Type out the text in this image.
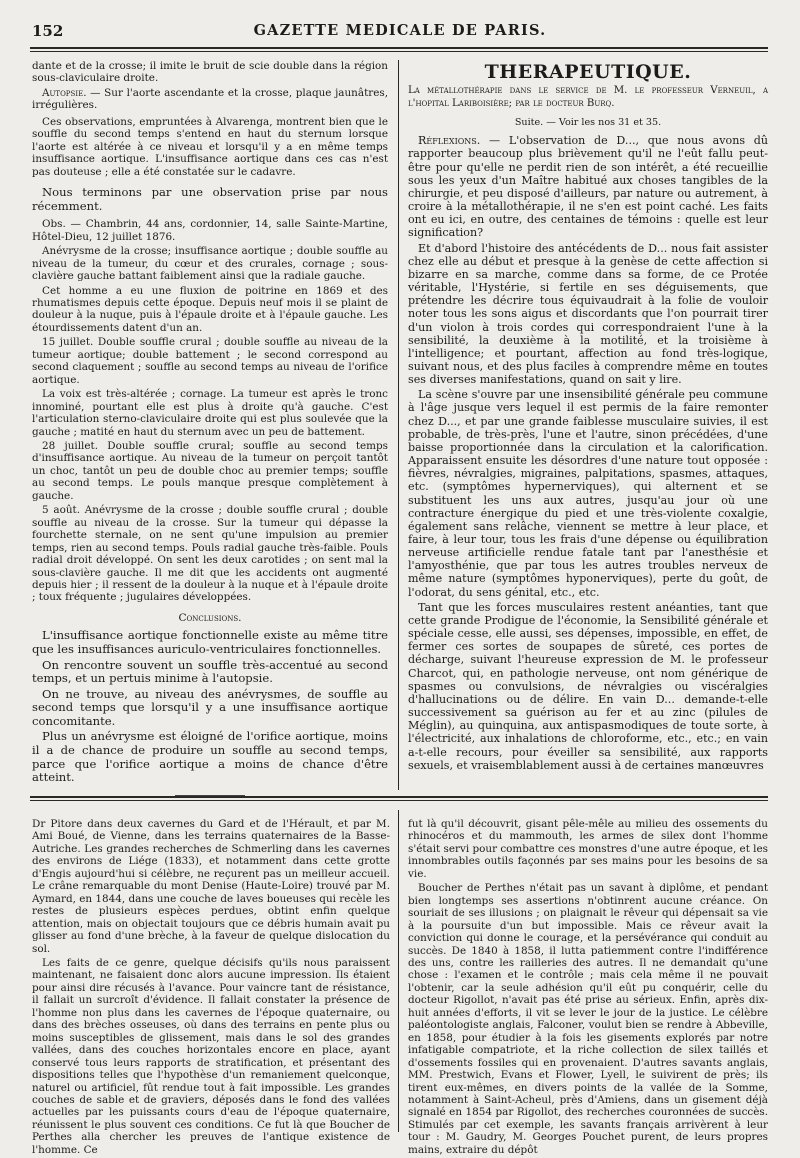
152	GAZETTE MEDICALE DE PARIS.

dante et de la crosse; il imite le bruit de scie double dans la région sous-claviculaire droite.

Autopsie. — Sur l'aorte ascendante et la crosse, plaque jaunâtres, irrégulières.

Ces observations, empruntées à Alvarenga, montrent bien que le souffle du second temps s'entend en haut du sternum lorsque l'aorte est altérée à ce niveau et lorsqu'il y a en même temps insuffisance aortique. L'insuffisance aortique dans ces cas n'est pas douteuse ; elle a été constatée sur le cadavre.

Nous terminons par une observation prise par nous récemment.

Obs. — Chambrin, 44 ans, cordonnier, 14, salle Sainte-Martine, Hôtel-Dieu, 12 juillet 1876.

Anévrysme de la crosse; insuffisance aortique ; double souffle au niveau de la tumeur, du cœur et des crurales, cornage ; sous-clavière gauche battant faiblement ainsi que la radiale gauche.

Cet homme a eu une fluxion de poitrine en 1869 et des rhumatismes depuis cette époque. Depuis neuf mois il se plaint de douleur à la nuque, puis à l'épaule droite et à l'épaule gauche. Les étourdissements datent d'un an.

15 juillet. Double souffle crural ; double souffle au niveau de la tumeur aortique; double battement ; le second correspond au second claquement ; souffle au second temps au niveau de l'orifice aortique.

La voix est très-altérée ; cornage. La tumeur est après le tronc innominé, pourtant elle est plus à droite qu'à gauche. C'est l'articulation sterno-claviculaire droite qui est plus soulevée que la gauche ; matité en haut du sternum avec un peu de battement.

28 juillet. Double souffle crural; souffle au second temps d'insuffisance aortique. Au niveau de la tumeur on perçoit tantôt un choc, tantôt un peu de double choc au premier temps; souffle au second temps. Le pouls manque presque complètement à gauche.

5 août. Anévrysme de la crosse ; double souffle crural ; double souffle au niveau de la crosse. Sur la tumeur qui dépasse la fourchette sternale, on ne sent qu'une impulsion au premier temps, rien au second temps. Pouls radial gauche très-faible. Pouls radial droit développé. On sent les deux carotides ; on sent mal la sous-clavière gauche. Il me dit que les accidents ont augmenté depuis hier ; il ressent de la douleur à la nuque et à l'épaule droite ; toux fréquente ; jugulaires développées.

Conclusions.

L'insuffisance aortique fonctionnelle existe au même titre que les insuffisances auriculo-ventriculaires fonctionnelles.

On rencontre souvent un souffle très-accentué au second temps, et un pertuis minime à l'autopsie.

On ne trouve, au niveau des anévrysmes, de souffle au second temps que lorsqu'il y a une insuffisance aortique concomitante.

Plus un anévrysme est éloigné de l'orifice aortique, moins il a de chance de produire un souffle au second temps, parce que l'orifice aortique a moins de chance d'être atteint.

THERAPEUTIQUE.
La métallothérapie dans le service de M. le professeur Verneuil, a l'hopital Lariboisière; par le docteur Burq.
Suite. — Voir les nos 31 et 35.

Réflexions. — L'observation de D..., que nous avons dû rapporter beaucoup plus brièvement qu'il ne l'eût fallu peut-être pour qu'elle ne perdit rien de son intérêt, a été recueillie sous les yeux d'un Maître habitué aux choses tangibles de la chirurgie, et peu disposé d'ailleurs, par nature ou autrement, à croire à la métallothérapie, il ne s'en est point caché. Les faits ont eu ici, en outre, des centaines de témoins : quelle est leur signification?

Et d'abord l'histoire des antécédents de D... nous fait assister chez elle au début et presque à la genèse de cette affection si bizarre en sa marche, comme dans sa forme, de ce Protée véritable, l'Hystérie, si fertile en ses déguisements, que prétendre les décrire tous équivaudrait à la folie de vouloir noter tous les sons aigus et discordants que l'on pourrait tirer d'un violon à trois cordes qui correspondraient l'une à la sensibilité, la deuxième à la motilité, et la troisième à l'intelligence; et pourtant, affection au fond très-logique, suivant nous, et des plus faciles à comprendre même en toutes ses diverses manifestations, quand on sait y lire.

La scène s'ouvre par une insensibilité générale peu commune à l'âge jusque vers lequel il est permis de la faire remonter chez D..., et par une grande faiblesse musculaire suivies, il est probable, de très-près, l'une et l'autre, sinon précédées, d'une baisse proportionnée dans la circulation et la calorification. Apparaissent ensuite les désordres d'une nature tout opposée : fièvres, névralgies, migraines, palpitations, spasmes, attaques, etc. (symptômes hypernerviques), qui alternent et se substituent les uns aux autres, jusqu'au jour où une contracture énergique du pied et une très-violente coxalgie, également sans relâche, viennent se mettre à leur place, et faire, à leur tour, tous les frais d'une dépense ou équilibration nerveuse artificielle rendue fatale tant par l'anesthésie et l'amyosthénie, que par tous les autres troubles nerveux de même nature (symptômes hyponerviques), perte du goût, de l'odorat, du sens génital, etc., etc.

Tant que les forces musculaires restent anéanties, tant que cette grande Prodigue de l'économie, la Sensibilité générale et spéciale cesse, elle aussi, ses dépenses, impossible, en effet, de fermer ces sortes de soupapes de sûreté, ces portes de décharge, suivant l'heureuse expression de M. le professeur Charcot, qui, en pathologie nerveuse, ont nom générique de spasmes ou convulsions, de névralgies ou viscéralgies d'hallucinations ou de délire. En vain D... demande-t-elle successivement sa guérison au fer et au zinc (pilules de Méglin), au quinquina, aux antispasmodiques de toute sorte, à l'électricité, aux inhalations de chloroforme, etc., etc.; en vain a-t-elle recours, pour éveiller sa sensibilité, aux rapports sexuels, et vraisemblablement aussi à de certaines manœuvres

Dr Pitore dans deux cavernes du Gard et de l'Hérault, et par M. Ami Boué, de Vienne, dans les terrains quaternaires de la Basse-Autriche. Les grandes recherches de Schmerling dans les cavernes des environs de Liége (1833), et notamment dans cette grotte d'Engis aujourd'hui si célèbre, ne reçurent pas un meilleur accueil. Le crâne remarquable du mont Denise (Haute-Loire) trouvé par M. Aymard, en 1844, dans une couche de laves boueuses qui recèle les restes de plusieurs espèces perdues, obtint enfin quelque attention, mais on objectait toujours que ce débris humain avait pu glisser au fond d'une brèche, à la faveur de quelque dislocation du sol.

Les faits de ce genre, quelque décisifs qu'ils nous paraissent maintenant, ne faisaient donc alors aucune impression. Ils étaient pour ainsi dire récusés à l'avance. Pour vaincre tant de résistance, il fallait un surcroît d'évidence. Il fallait constater la présence de l'homme non plus dans les cavernes de l'époque quaternaire, ou dans des brèches osseuses, où dans des terrains en pente plus ou moins susceptibles de glissement, mais dans le sol des grandes vallées, dans des couches horizontales encore en place, ayant conservé tous leurs rapports de stratification, et présentant des dispositions telles que l'hypothèse d'un remaniement quelconque, naturel ou artificiel, fût rendue tout à fait impossible. Les grandes couches de sable et de graviers, déposés dans le fond des vallées actuelles par les puissants cours d'eau de l'époque quaternaire, réunissent le plus souvent ces conditions. Ce fut là que Boucher de Perthes alla chercher les preuves de l'antique existence de l'homme. Ce

fut là qu'il découvrit, gisant pêle-mêle au milieu des ossements du rhinocéros et du mammouth, les armes de silex dont l'homme s'était servi pour combattre ces monstres d'une autre époque, et les innombrables outils façonnés par ses mains pour les besoins de sa vie.

Boucher de Perthes n'était pas un savant à diplôme, et pendant bien longtemps ses assertions n'obtinrent aucune créance. On souriait de ses illusions ; on plaignait le rêveur qui dépensait sa vie à la poursuite d'un but impossible. Mais ce rêveur avait la conviction qui donne le courage, et la persévérance qui conduit au succès. De 1840 à 1858, il lutta patiemment contre l'indifférence des uns, contre les railleries des autres. Il ne demandait qu'une chose : l'examen et le contrôle ; mais cela même il ne pouvait l'obtenir, car la seule adhésion qu'il eût pu conquérir, celle du docteur Rigollot, n'avait pas été prise au sérieux. Enfin, après dix-huit années d'efforts, il vit se lever le jour de la justice. Le célèbre paléontologiste anglais, Falconer, voulut bien se rendre à Abbeville, en 1858, pour étudier à la fois les gisements explorés par notre infatigable compatriote, et la riche collection de silex taillés et d'ossements fossiles qui en provenaient. D'autres savants anglais, MM. Prestwich, Evans et Flower, Lyell, le suivirent de près; ils tirent eux-mêmes, en divers points de la vallée de la Somme, notamment à Saint-Acheul, près d'Amiens, dans un gisement déjà signalé en 1854 par Rigollot, des recherches couronnées de succès. Stimulés par cet exemple, les savants français arrivèrent à leur tour : M. Gaudry, M. Georges Pouchet purent, de leurs propres mains, extraire du dépôt
